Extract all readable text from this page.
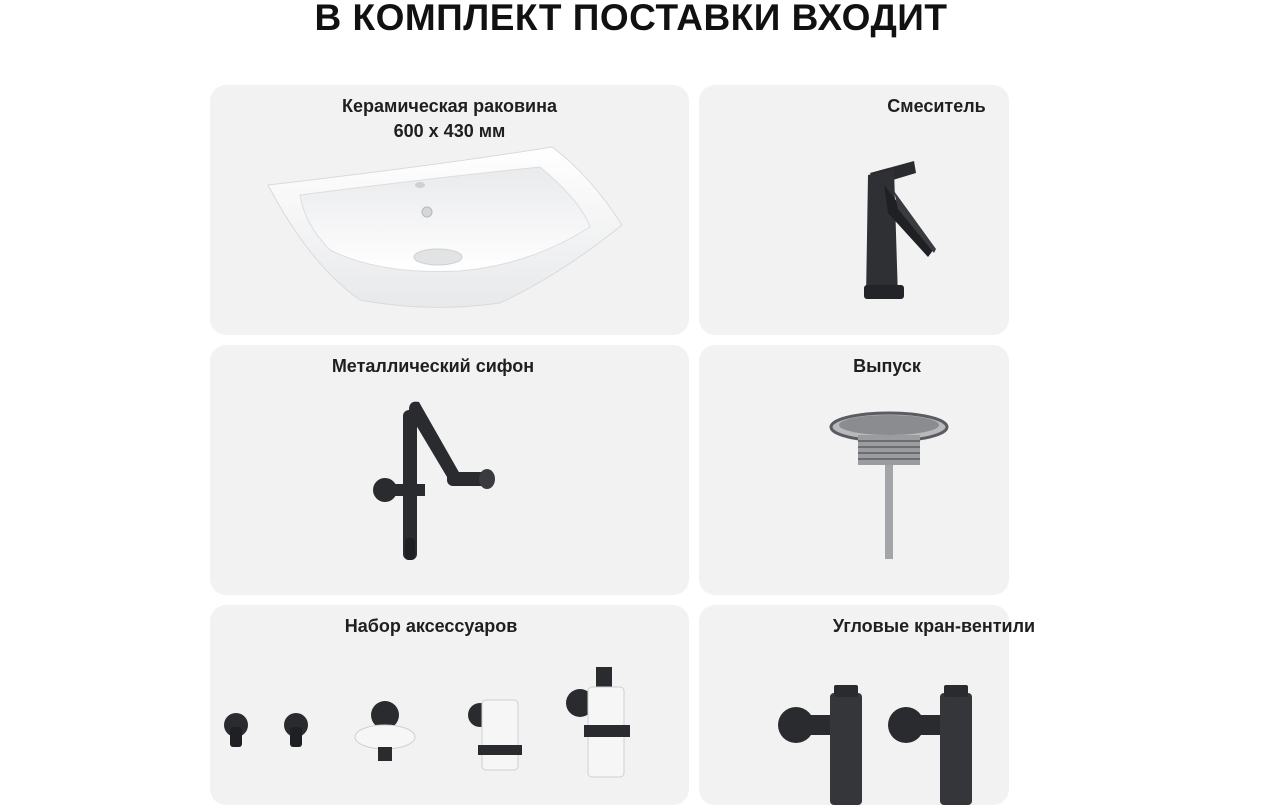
В КОМПЛЕКТ ПОСТАВКИ ВХОДИТ
Керамическая раковина
600 х 430 мм
Смеситель
Металлический сифон	Выпуск
Набор аксессуаров	Угловые кран-вентили
